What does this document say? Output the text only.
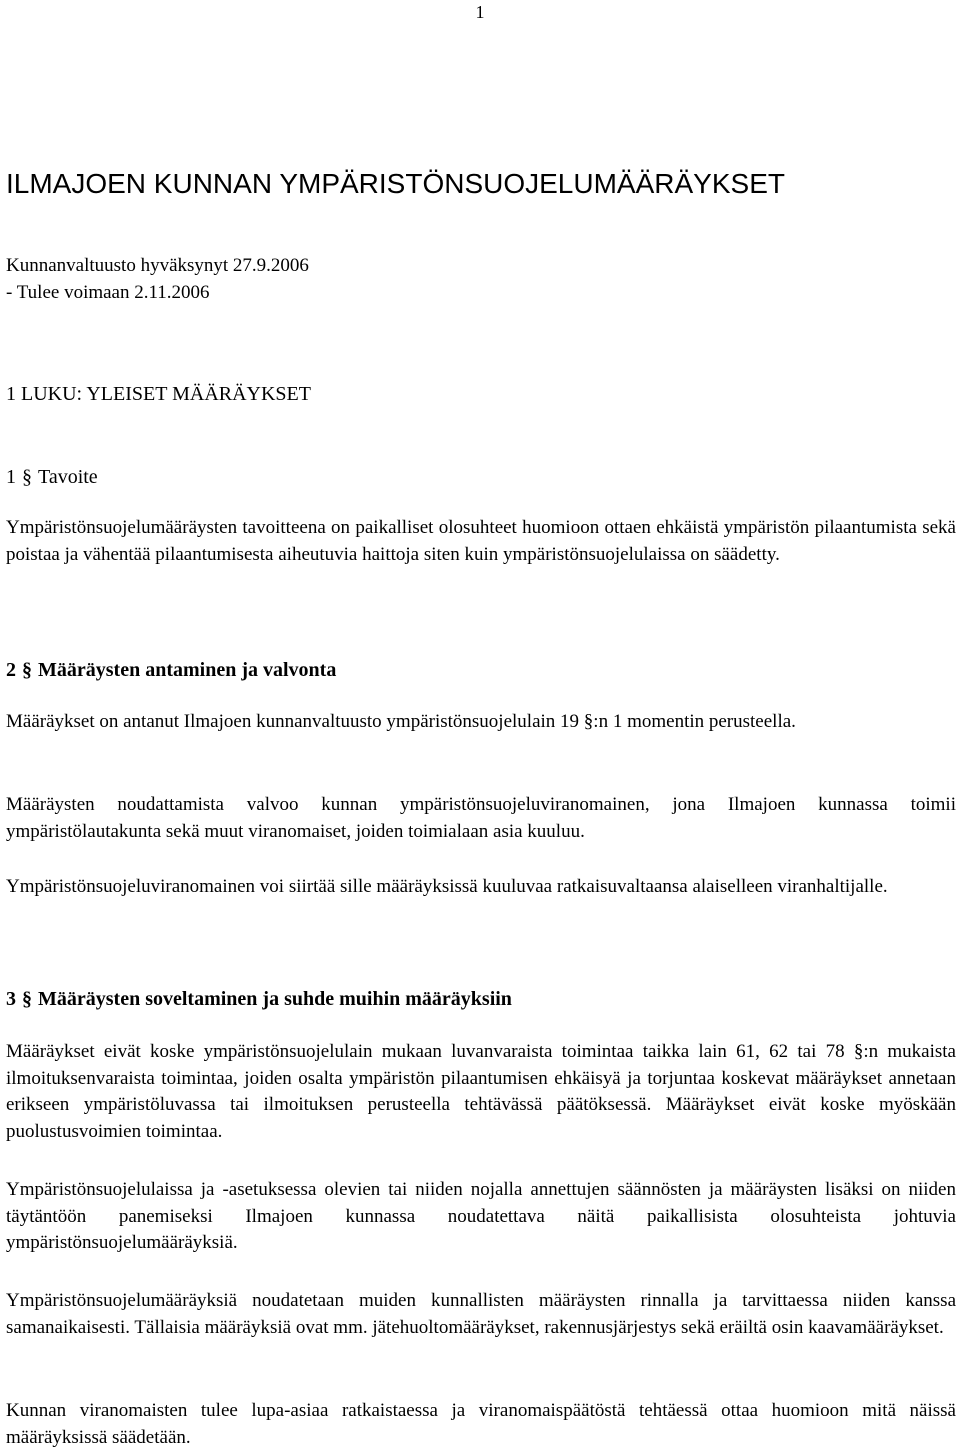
1
ILMAJOEN KUNNAN YMPÄRISTÖNSUOJELUMÄÄRÄYKSET
Kunnanvaltuusto hyväksynyt 27.9.2006
- Tulee voimaan 2.11.2006
1 LUKU: YLEISET MÄÄRÄYKSET
1 § Tavoite

Ympäristönsuojelumääräysten tavoitteena on paikalliset olosuhteet huomioon ottaen ehkäistä ympäristön pilaantumista sekä poistaa ja vähentää pilaantumisesta aiheutuvia haittoja siten kuin ympäristönsuojelulaissa on säädetty.

2 § Määräysten antaminen ja valvonta

Määräykset on antanut Ilmajoen kunnanvaltuusto ympäristönsuojelulain 19 §:n 1 momentin perusteella.

Määräysten noudattamista valvoo kunnan ympäristönsuojeluviranomainen, jona Ilmajoen kunnassa toimii ympäristölautakunta sekä muut viranomaiset, joiden toimialaan asia kuuluu.

Ympäristönsuojeluviranomainen voi siirtää sille määräyksissä kuuluvaa ratkaisuvaltaansa alaiselleen viranhaltijalle.

3 § Määräysten soveltaminen ja suhde muihin määräyksiin

Määräykset eivät koske ympäristönsuojelulain mukaan luvanvaraista toimintaa taikka lain 61, 62 tai 78 §:n mukaista ilmoituksenvaraista toimintaa, joiden osalta ympäristön pilaantumisen ehkäisyä ja torjuntaa koskevat määräykset annetaan erikseen ympäristöluvassa tai ilmoituksen perusteella tehtävässä päätöksessä. Määräykset eivät koske myöskään puolustusvoimien toimintaa.

Ympäristönsuojelulaissa ja -asetuksessa olevien tai niiden nojalla annettujen säännösten ja määräysten lisäksi on niiden täytäntöön panemiseksi Ilmajoen kunnassa noudatettava näitä paikallisista olosuhteista johtuvia ympäristönsuojelumääräyksiä.

Ympäristönsuojelumääräyksiä noudatetaan muiden kunnallisten määräysten rinnalla ja tarvittaessa niiden kanssa samanaikaisesti. Tällaisia määräyksiä ovat mm. jätehuoltomääräykset, rakennusjärjestys sekä eräiltä osin kaavamääräykset.

Kunnan viranomaisten tulee lupa-asiaa ratkaistaessa ja viranomaispäätöstä tehtäessä ottaa huomioon mitä näissä määräyksissä säädetään.
